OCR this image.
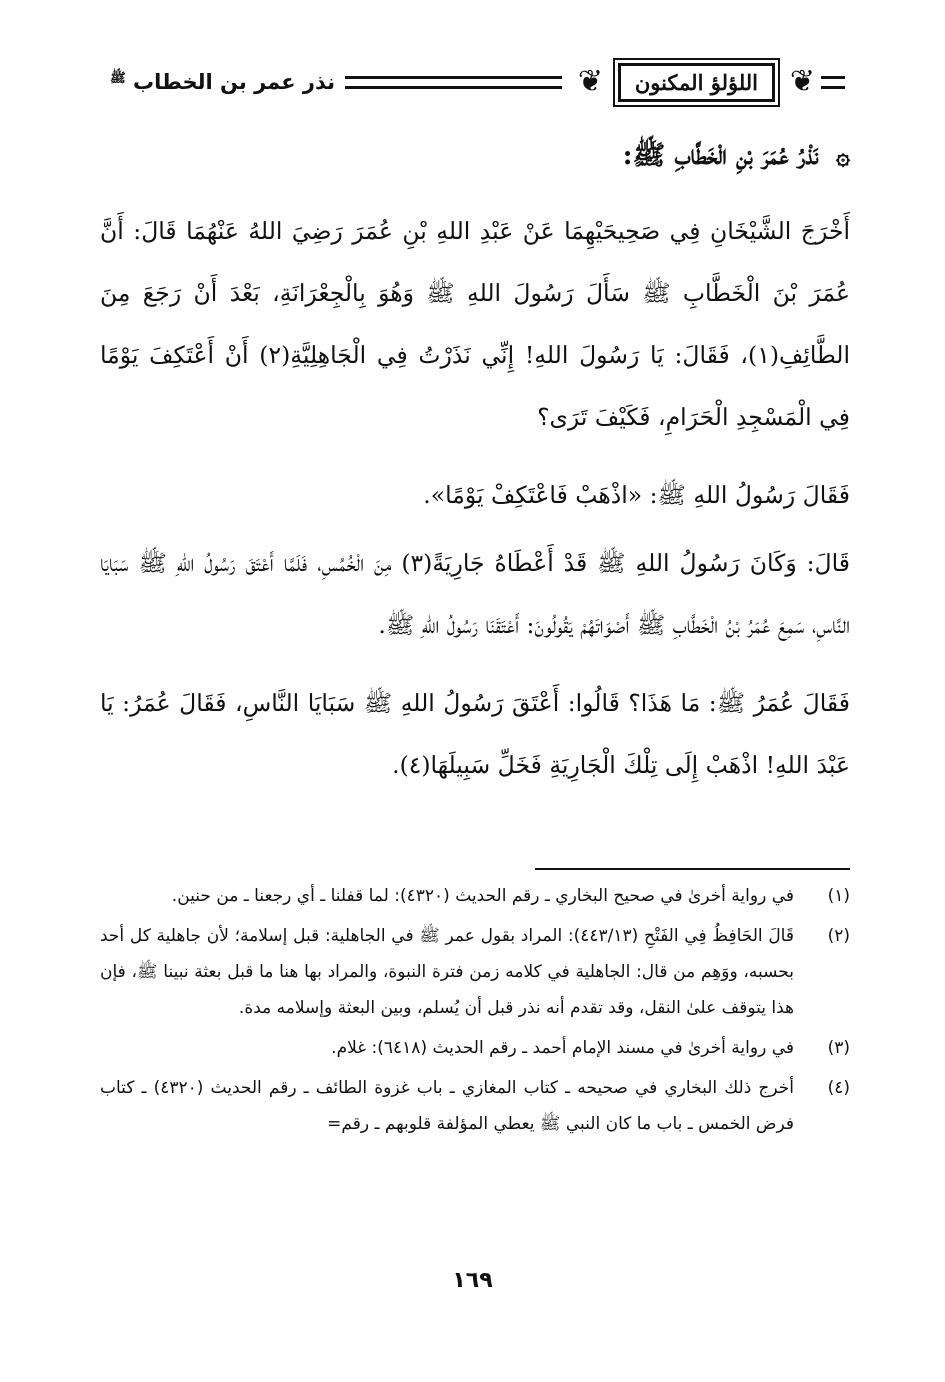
❦
اللؤلؤ المكنون
❦
نذر عمر بن الخطاب $^ﷺ$
۞ نَذْرُ عُمَرَ بْنِ الْخَطَّابِ ﷺ:

أَخْرَجَ الشَّيْخَانِ فِي صَحِيحَيْهِمَا عَنْ عَبْدِ اللهِ بْنِ عُمَرَ رَضِيَ اللهُ عَنْهُمَا قَالَ: أَنَّ عُمَرَ بْنَ الْخَطَّابِ ﷺ سَأَلَ رَسُولَ اللهِ ﷺ وَهُوَ بِالْجِعْرَانَةِ، بَعْدَ أَنْ رَجَعَ مِنَ الطَّائِفِ(١)، فَقَالَ: يَا رَسُولَ اللهِ! إِنِّي نَذَرْتُ فِي الْجَاهِلِيَّةِ(٢) أَنْ أَعْتَكِفَ يَوْمًا فِي الْمَسْجِدِ الْحَرَامِ، فَكَيْفَ تَرَى؟

فَقَالَ رَسُولُ اللهِ ﷺ: «اذْهَبْ فَاعْتَكِفْ يَوْمًا».

قَالَ: وَكَانَ رَسُولُ اللهِ ﷺ قَدْ أَعْطَاهُ جَارِيَةً(٣) مِنَ الْخُمُسِ، فَلَمَّا أَعْتَقَ رَسُولُ اللهِ ﷺ سَبَايَا النَّاسِ، سَمِعَ عُمَرُ بْنُ الْخَطَّابِ ﷺ أَصْوَاتَهُمْ يَقُولُونَ: أَعْتَقَنَا رَسُولُ اللهِ ﷺ.

فَقَالَ عُمَرُ ﷺ: مَا هَذَا؟ قَالُوا: أَعْتَقَ رَسُولُ اللهِ ﷺ سَبَايَا النَّاسِ، فَقَالَ عُمَرُ: يَا عَبْدَ اللهِ! اذْهَبْ إِلَى تِلْكَ الْجَارِيَةِ فَخَلِّ سَبِيلَهَا(٤).

(١)
في رواية أخرىٰ في صحيح البخاري ـ رقم الحديث (٤٣٢٠): لما قفلنا ـ أي رجعنا ـ من حنين.
(٢)
قَالَ الحَافِظُ فِي الفَتْحِ (٤٤٣/١٣): المراد بقول عمر ﷺ في الجاهلية: قبل إسلامة؛ لأن جاهلية كل أحد بحسبه، ووَهِم من قال: الجاهلية في كلامه زمن فترة النبوة، والمراد بها هنا ما قبل بعثة نبينا ﷺ، فإن هذا يتوقف علىٰ النقل، وقد تقدم أنه نذر قبل أن يُسلم، وبين البعثة وإسلامه مدة.
(٣)
في رواية أخرىٰ في مسند الإمام أحمد ـ رقم الحديث (٦٤١٨): غلام.
(٤)
أخرج ذلك البخاري في صحيحه ـ كتاب المغازي ـ باب غزوة الطائف ـ رقم الحديث (٤٣٢٠) ـ كتاب فرض الخمس ـ باب ما كان النبي ﷺ يعطي المؤلفة قلوبهم ـ رقم=
١٦٩
